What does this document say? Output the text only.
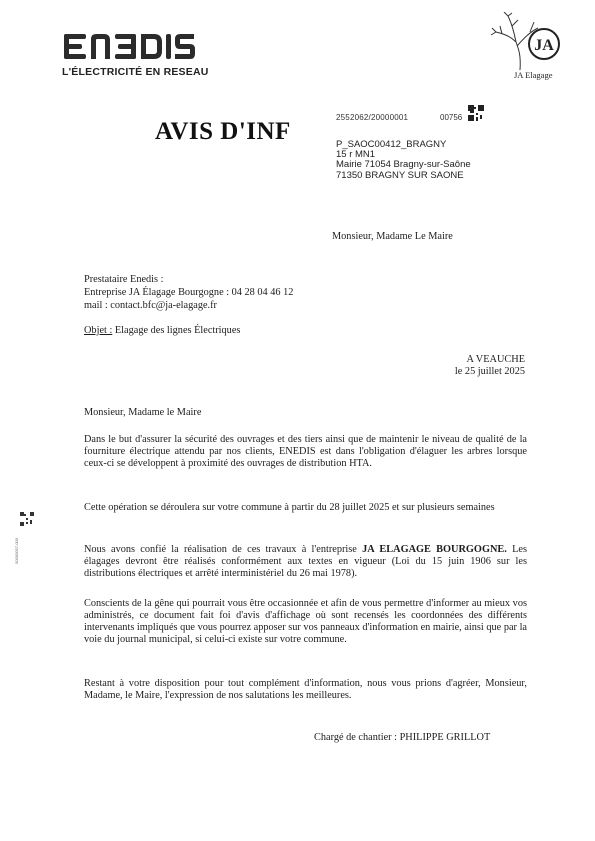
L'ÉLECTRICITÉ EN RESEAU
JA
JA Elagage
AVIS D'INF
2552062/20000001	00756
P_SAOC00412_BRAGNY
15 r MN1
Mairie 71054 Bragny-sur-Saône
71350 BRAGNY SUR SAONE
Monsieur, Madame Le Maire
Prestataire Enedis :
Entreprise JA Élagage Bourgogne : 04 28 04 46 12
mail : contact.bfc@ja-elagage.fr
Objet : Elagage des lignes Électriques
A VEAUCHE
le 25 juillet 2025
Monsieur, Madame le Maire
Dans le but d'assurer la sécurité des ouvrages et des tiers ainsi que de maintenir le niveau de qualité de la fourniture électrique attendu par nos clients, ENEDIS est dans l'obligation d'élaguer les arbres lorsque ceux-ci se développent à proximité des ouvrages de distribution HTA.
Cette opération se déroulera sur votre commune à partir du 28 juillet 2025 et sur plusieurs semaines
Nous avons confié la réalisation de ces travaux à l'entreprise JA ELAGAGE BOURGOGNE. Les élagages devront être réalisés conformément aux textes en vigueur (Loi du 15 juin 1906 sur les distributions électriques et arrêté interministériel du 26 mai 1978).
Conscients de la gêne qui pourrait vous être occasionnée et afin de vous permettre d'informer au mieux vos administrés, ce document fait foi d'avis d'affichage où sont recensés les coordonnées des différents intervenants impliqués que vous pourrez apposer sur vos panneaux d'information en mairie, ainsi que par la voie du journal municipal, si celui-ci existe sur votre commune.
Restant à votre disposition pour tout complément d'information, nous vous prions d'agréer, Monsieur, Madame, le Maire, l'expression de nos salutations les meilleures.
Chargé de chantier : PHILIPPE GRILLOT
00000057-000
